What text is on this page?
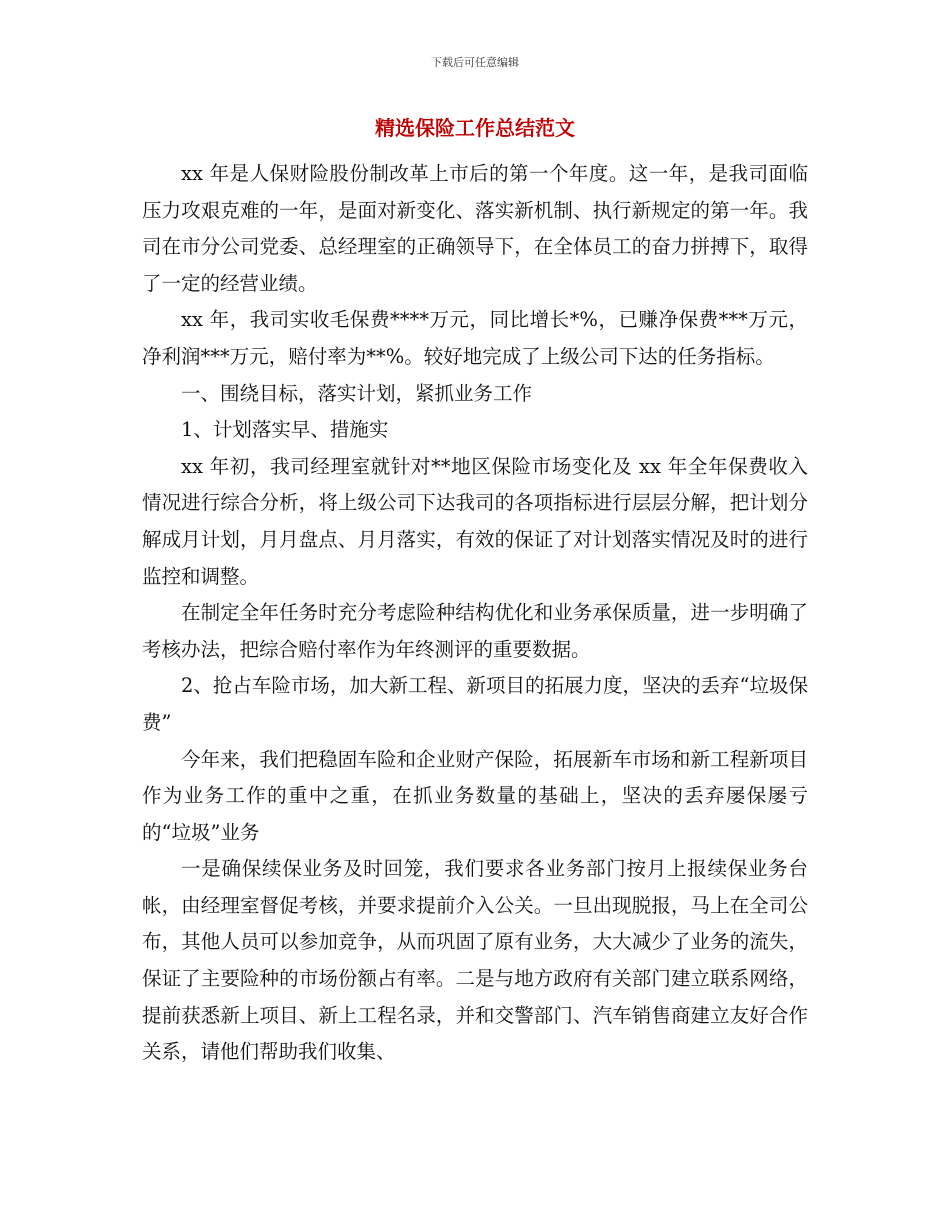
下载后可任意编辑
精选保险工作总结范文

xx 年是人保财险股份制改革上市后的第一个年度。这一年，是我司面临压力攻艰克难的一年，是面对新变化、落实新机制、执行新规定的第一年。我司在市分公司党委、总经理室的正确领导下，在全体员工的奋力拼搏下，取得了一定的经营业绩。

xx 年，我司实收毛保费****万元，同比增长*%，已赚净保费***万元，净利润***万元，赔付率为**%。较好地完成了上级公司下达的任务指标。

一、围绕目标，落实计划，紧抓业务工作

1、计划落实早、措施实

xx 年初，我司经理室就针对**地区保险市场变化及 xx 年全年保费收入情况进行综合分析，将上级公司下达我司的各项指标进行层层分解，把计划分解成月计划，月月盘点、月月落实，有效的保证了对计划落实情况及时的进行监控和调整。

在制定全年任务时充分考虑险种结构优化和业务承保质量，进一步明确了考核办法，把综合赔付率作为年终测评的重要数据。

2、抢占车险市场，加大新工程、新项目的拓展力度，坚决的丢弃“垃圾保费”

今年来，我们把稳固车险和企业财产保险，拓展新车市场和新工程新项目作为业务工作的重中之重，在抓业务数量的基础上，坚决的丢弃屡保屡亏的“垃圾”业务

一是确保续保业务及时回笼，我们要求各业务部门按月上报续保业务台帐，由经理室督促考核，并要求提前介入公关。一旦出现脱报，马上在全司公布，其他人员可以参加竞争，从而巩固了原有业务，大大减少了业务的流失，保证了主要险种的市场份额占有率。二是与地方政府有关部门建立联系网络，提前获悉新上项目、新上工程名录，并和交警部门、汽车销售商建立友好合作关系，请他们帮助我们收集、
